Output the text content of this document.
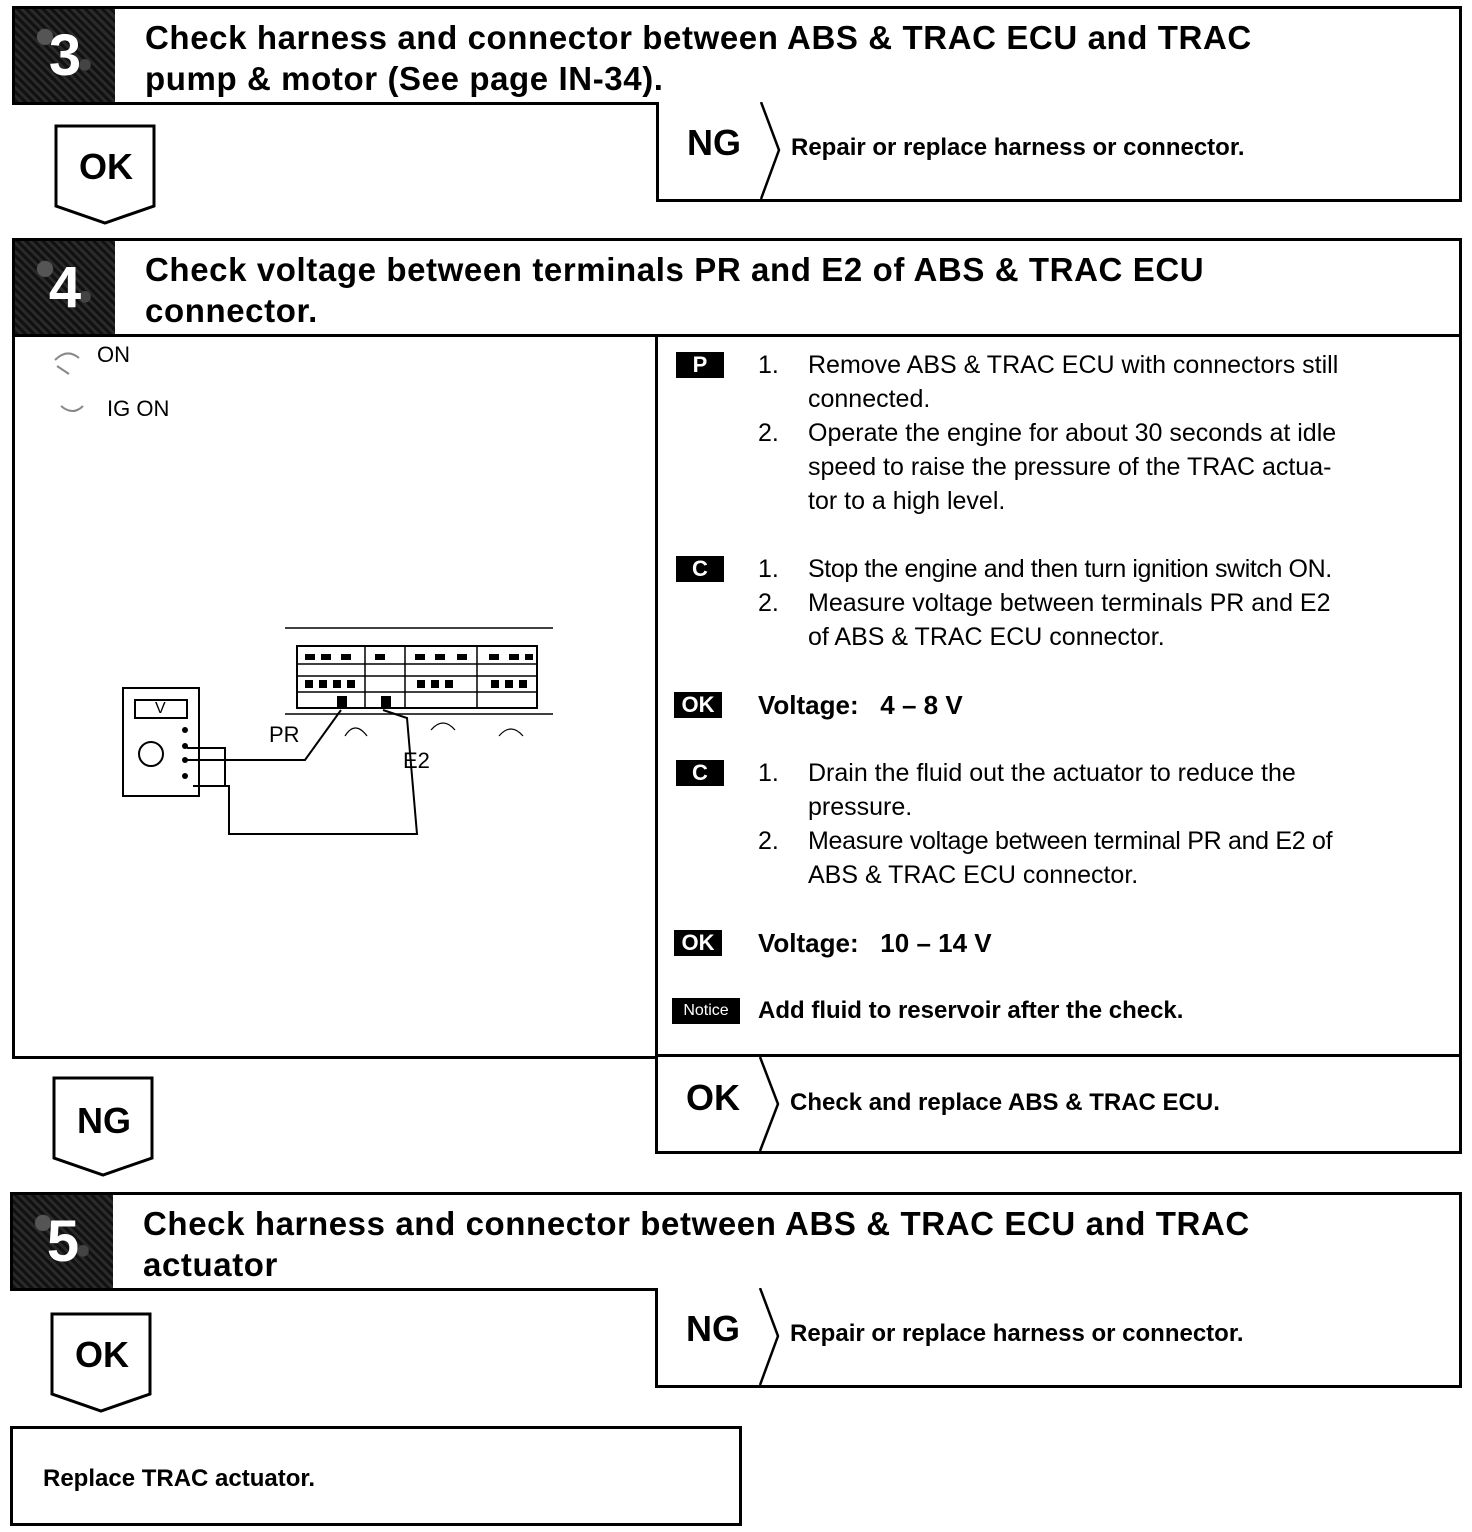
3	Check harness and connector between ABS & TRAC ECU and TRAC
pump & motor (See page IN-34).
OK
NG Repair or replace harness or connector.
4	Check voltage between terminals PR and E2 of ABS & TRAC ECU
connector.
ON
IG ON
V
PR
E2
P	1. Remove ABS & TRAC ECU with connectors still
connected.
2. Operate the engine for about 30 seconds at idle
speed to raise the pressure of the TRAC actua-
tor to a high level.
C	1. Stop the engine and then turn ignition switch ON.
2. Measure voltage between terminals PR and E2
of ABS & TRAC ECU connector.
OK Voltage:   4 – 8 V
C	1. Drain the fluid out the actuator to reduce the
pressure.
2. Measure voltage between terminal PR and E2 of
ABS & TRAC ECU connector.
OK Voltage:   10 – 14 V
Notice	Add fluid to reservoir after the check.
NG
OK Check and replace ABS & TRAC ECU.
5	Check harness and connector between ABS & TRAC ECU and TRAC
actuator
OK
NG Repair or replace harness or connector.
Replace TRAC actuator.
